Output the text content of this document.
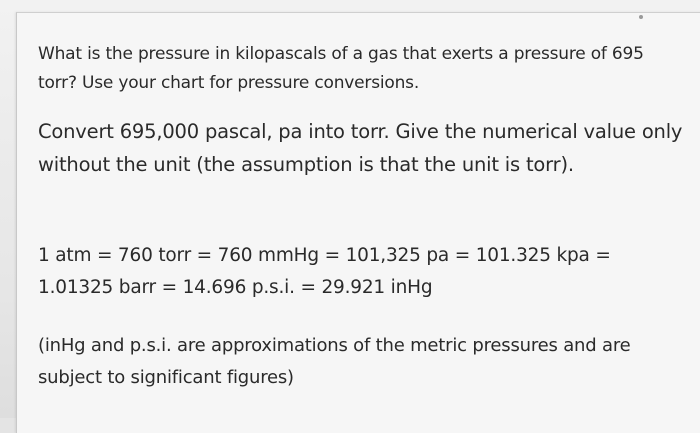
What is the pressure in kilopascals of a gas that exerts a pressure of 695 torr? Use your chart for pressure conversions.

Convert 695,000 pascal, pa into torr. Give the numerical value only without the unit (the assumption is that the unit is torr).

1 atm = 760 torr = 760 mmHg = 101,325 pa = 101.325 kpa =
1.01325 barr = 14.696 p.s.i. = 29.921 inHg

(inHg and p.s.i. are approximations of the metric pressures and are subject to significant figures)
